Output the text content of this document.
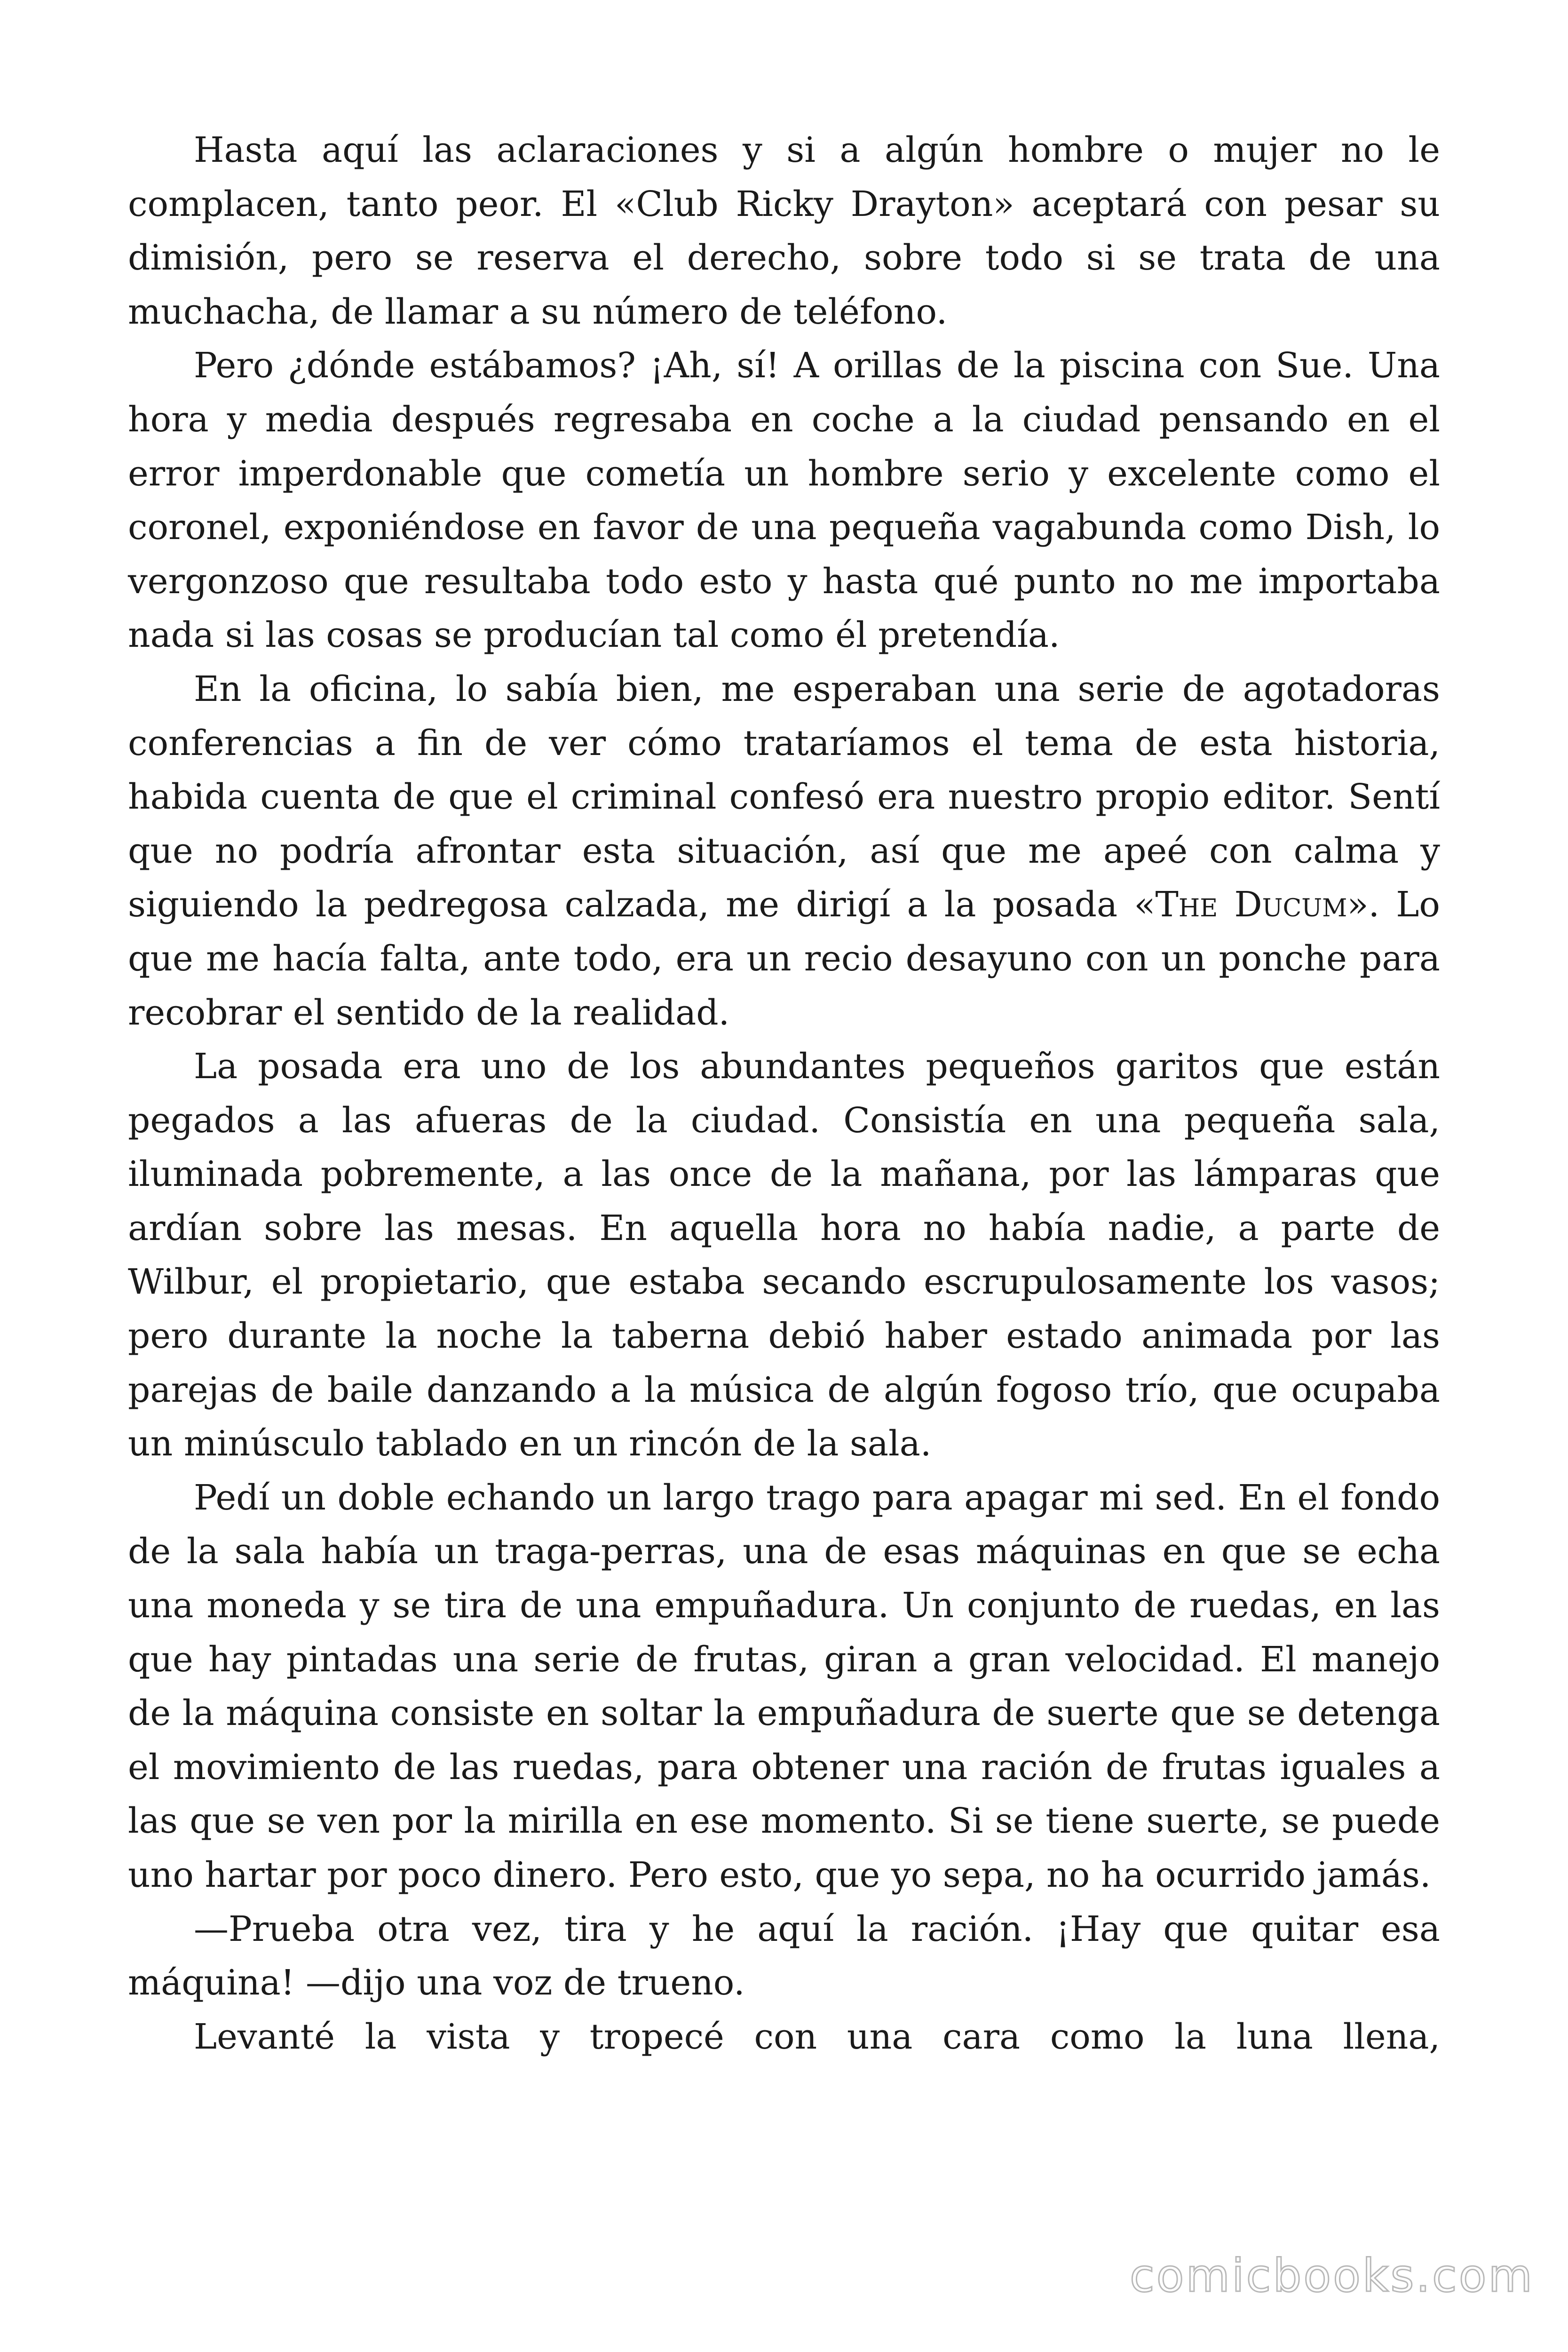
Hasta aquí las aclaraciones y si a algún hombre o mujer no le complacen, tanto peor. El «Club Ricky Drayton» aceptará con pesar su dimisión, pero se reserva el derecho, sobre todo si se trata de una muchacha, de llamar a su número de teléfono.

Pero ¿dónde estábamos? ¡Ah, sí! A orillas de la piscina con Sue. Una hora y media después regresaba en coche a la ciudad pensando en el error imperdonable que cometía un hombre serio y excelente como el coronel, exponiéndose en favor de una pequeña vagabunda como Dish, lo vergonzoso que resultaba todo esto y hasta qué punto no me importaba nada si las cosas se producían tal como él pretendía.

En la oficina, lo sabía bien, me esperaban una serie de agotadoras conferencias a fin de ver cómo trataríamos el tema de esta historia, habida cuenta de que el criminal confesó era nuestro propio editor. Sentí que no podría afrontar esta situación, así que me apeé con calma y siguiendo la pedregosa calzada, me dirigí a la posada «The Ducum». Lo que me hacía falta, ante todo, era un recio desayuno con un ponche para recobrar el sentido de la realidad.

La posada era uno de los abundantes pequeños garitos que están pegados a las afueras de la ciudad. Consistía en una pequeña sala, iluminada pobremente, a las once de la mañana, por las lámparas que ardían sobre las mesas. En aquella hora no había nadie, a parte de Wilbur, el propietario, que estaba secando escrupulosamente los vasos; pero durante la noche la taberna debió haber estado animada por las parejas de baile danzando a la música de algún fogoso trío, que ocupaba un minúsculo tablado en un rincón de la sala.

Pedí un doble echando un largo trago para apagar mi sed. En el fondo de la sala había un traga-perras, una de esas máquinas en que se echa una moneda y se tira de una empuñadura. Un conjunto de ruedas, en las que hay pintadas una serie de frutas, giran a gran velocidad. El manejo de la máquina consiste en soltar la empuñadura de suerte que se detenga el movimiento de las ruedas, para obtener una ración de frutas iguales a las que se ven por la mirilla en ese momento. Si se tiene suerte, se puede uno hartar por poco dinero. Pero esto, que yo sepa, no ha ocurrido jamás.

—Prueba otra vez, tira y he aquí la ración. ¡Hay que quitar esa máquina! —dijo una voz de trueno.

Levanté la vista y tropecé con una cara como la luna llena,

comicbooks.com
